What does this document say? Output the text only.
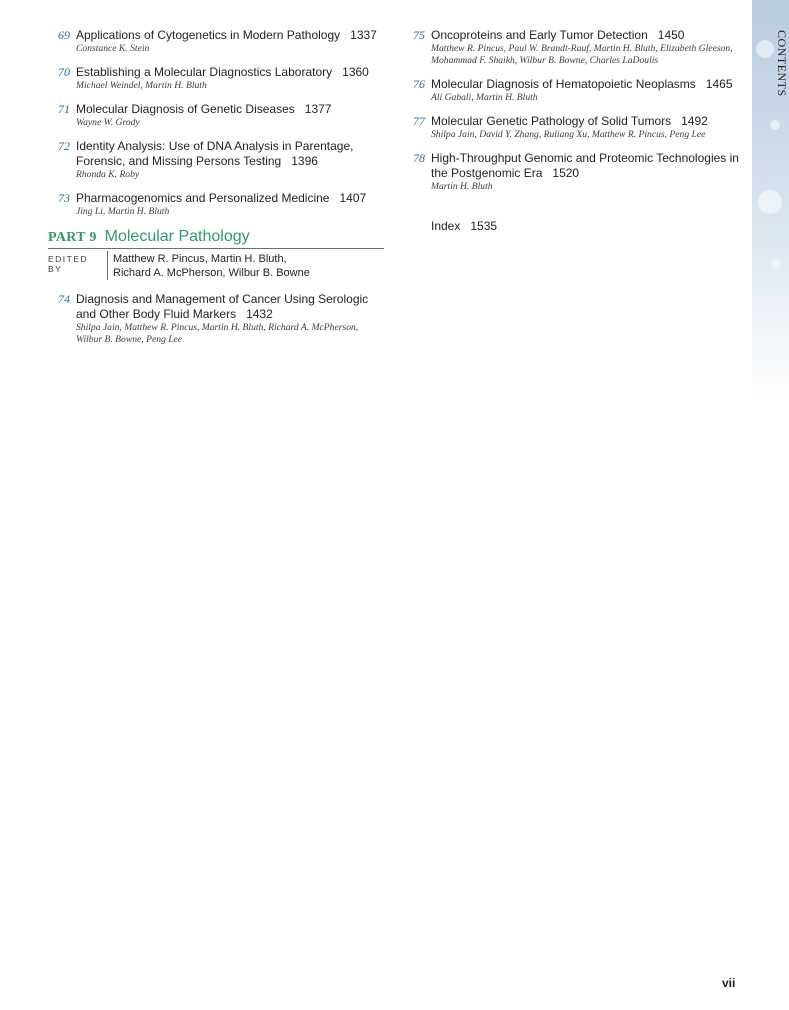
CONTENTS
69 Applications of Cytogenetics in Modern Pathology 1337
Constance K. Stein
70 Establishing a Molecular Diagnostics Laboratory 1360
Michael Weindel, Martin H. Bluth
71 Molecular Diagnosis of Genetic Diseases 1377
Wayne W. Grody
72 Identity Analysis: Use of DNA Analysis in Parentage, Forensic, and Missing Persons Testing 1396
Rhonda K. Roby
73 Pharmacogenomics and Personalized Medicine 1407
Jing Li, Martin H. Bluth
PART 9 Molecular Pathology
EDITED BY
Matthew R. Pincus, Martin H. Bluth,
Richard A. McPherson, Wilbur B. Bowne
74 Diagnosis and Management of Cancer Using Serologic and Other Body Fluid Markers 1432
Shilpa Jain, Matthew R. Pincus, Martin H. Bluth, Richard A. McPherson, Wilbur B. Bowne, Peng Lee
75 Oncoproteins and Early Tumor Detection 1450
Matthew R. Pincus, Paul W. Brandt-Rauf, Martin H. Bluth, Elizabeth Gleeson, Mohammad F. Shaikh, Wilbur B. Bowne, Charles LaDoulis
76 Molecular Diagnosis of Hematopoietic Neoplasms 1465
Ali Gabali, Martin H. Bluth
77 Molecular Genetic Pathology of Solid Tumors 1492
Shilpa Jain, David Y. Zhang, Ruliang Xu, Matthew R. Pincus, Peng Lee
78 High-Throughput Genomic and Proteomic Technologies in the Postgenomic Era 1520
Martin H. Bluth
Index 1535
vii
